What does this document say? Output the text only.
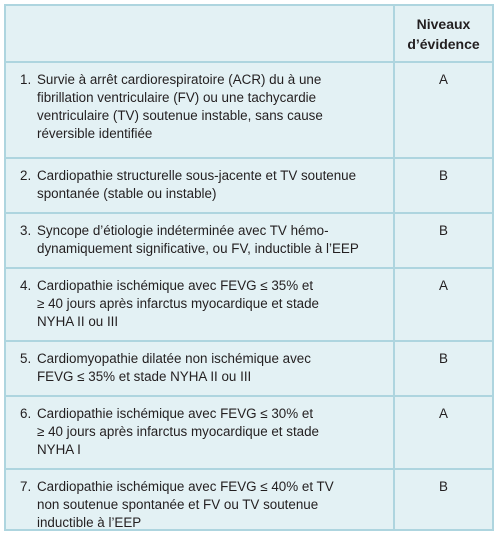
Niveaux
d’évidence
1. Survie à arrêt cardiorespiratoire (ACR) du à une
fibrillation ventriculaire (FV) ou une tachycardie
ventriculaire (TV) soutenue instable, sans cause
réversible identifiée
A
2. Cardiopathie structurelle sous-jacente et TV soutenue
spontanée (stable ou instable)
B
3. Syncope d’étiologie indéterminée avec TV hémo-
dynamiquement significative, ou FV, inductible à l’EEP
B
4. Cardiopathie ischémique avec FEVG ≤ 35% et
≥ 40 jours après infarctus myocardique et stade
NYHA II ou III
A
5. Cardiomyopathie dilatée non ischémique avec
FEVG ≤ 35% et stade NYHA II ou III
B
6. Cardiopathie ischémique avec FEVG ≤ 30% et
≥ 40 jours après infarctus myocardique et stade
NYHA I
A
7. Cardiopathie ischémique avec FEVG ≤ 40% et TV
non soutenue spontanée et FV ou TV soutenue
inductible à l’EEP
B
